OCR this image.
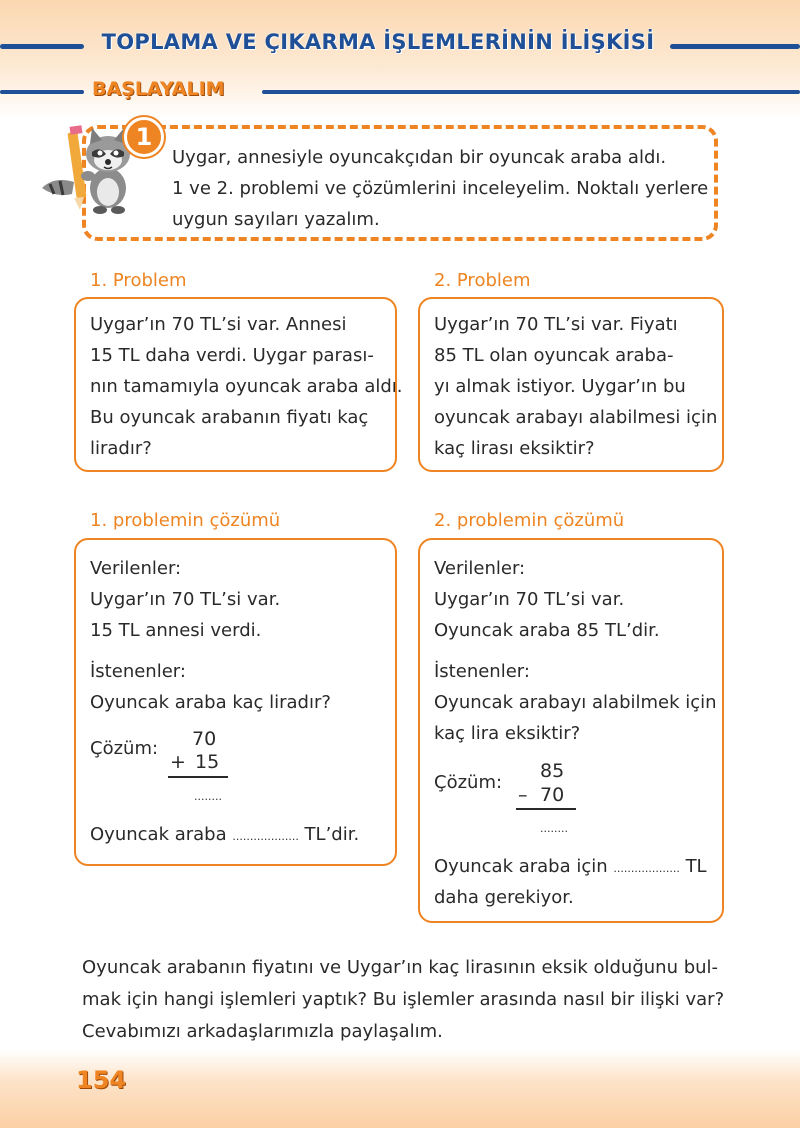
TOPLAMA VE ÇIKARMA İŞLEMLERİNİN İLİŞKİSİ
BAŞLAYALIM
1
Uygar, annesiyle oyuncakçıdan bir oyuncak araba aldı.
1 ve 2. problemi ve çözümlerini inceleyelim. Noktalı yerlere
uygun sayıları yazalım.
1. Problem
Uygar’ın 70 TL’si var. Annesi
15 TL daha verdi. Uygar parası-
nın tamamıyla oyuncak araba aldı.
Bu oyuncak arabanın fiyatı kaç
liradır?
2. Problem
Uygar’ın 70 TL’si var. Fiyatı
85 TL olan oyuncak araba-
yı almak istiyor. Uygar’ın bu
oyuncak arabayı alabilmesi için
kaç lirası eksiktir?
1. problemin çözümü
Verilenler:
Uygar’ın 70 TL’si var.
15 TL annesi verdi.
İstenenler:
Oyuncak araba kaç liradır?
Çözüm: 70
+ 15
........
Oyuncak araba ................... TL’dir.
2. problemin çözümü
Verilenler:
Uygar’ın 70 TL’si var.
Oyuncak araba 85 TL’dir.
İstenenler:
Oyuncak arabayı alabilmek için
kaç lira eksiktir?
Çözüm:
85
– 70
........
Oyuncak araba için ................... TL
daha gerekiyor.
Oyuncak arabanın fiyatını ve Uygar’ın kaç lirasının eksik olduğunu bul-
mak için hangi işlemleri yaptık? Bu işlemler arasında nasıl bir ilişki var?
Cevabımızı arkadaşlarımızla paylaşalım.
154
